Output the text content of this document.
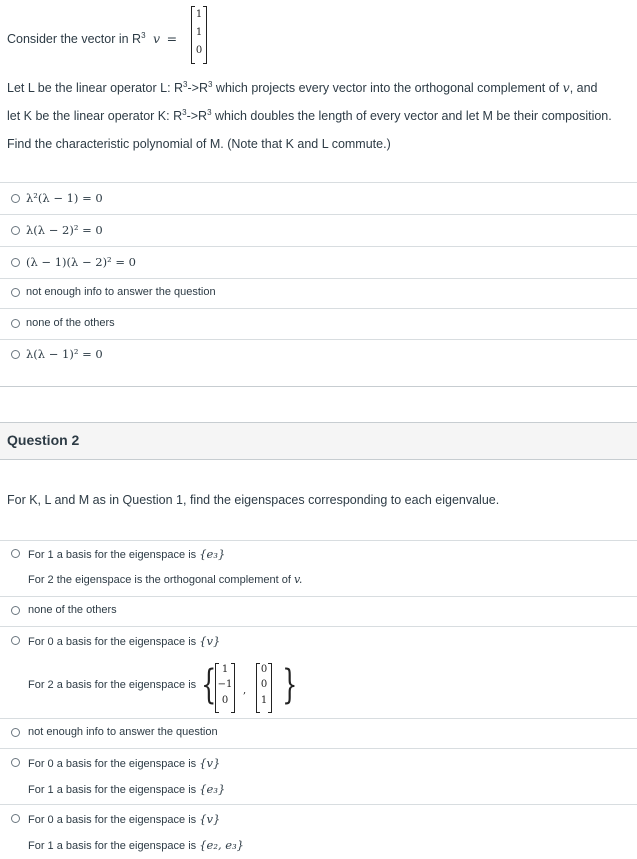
Consider the vector in $R^3$ v =
1
1
0
Let L be the linear operator L: $R^3->R^3$ which projects every vector into the orthogonal complement of v, and
let K be the linear operator K: $R^3->R^3$ which doubles the length of every vector and let M be their composition.
Find the characteristic polynomial of M. (Note that K and L commute.)
λ²(λ − 1) = 0
λ(λ − 2)² = 0
(λ − 1)(λ − 2)² = 0
not enough info to answer the question
none of the others
λ(λ − 1)² = 0
Question 2
For K, L and M as in Question 1, find the eigenspaces corresponding to each eigenvalue.
For 1 a basis for the eigenspace is {e₃}
For 2 the eigenspace is the orthogonal complement of v.
none of the others
For 0 a basis for the eigenspace is {v}
For 2 a basis for the eigenspace is { 1
−1
0
,
0
0
1 }
not enough info to answer the question
For 0 a basis for the eigenspace is {v}
For 1 a basis for the eigenspace is {e₃}
For 0 a basis for the eigenspace is {v}
For 1 a basis for the eigenspace is {e₂, e₃}
